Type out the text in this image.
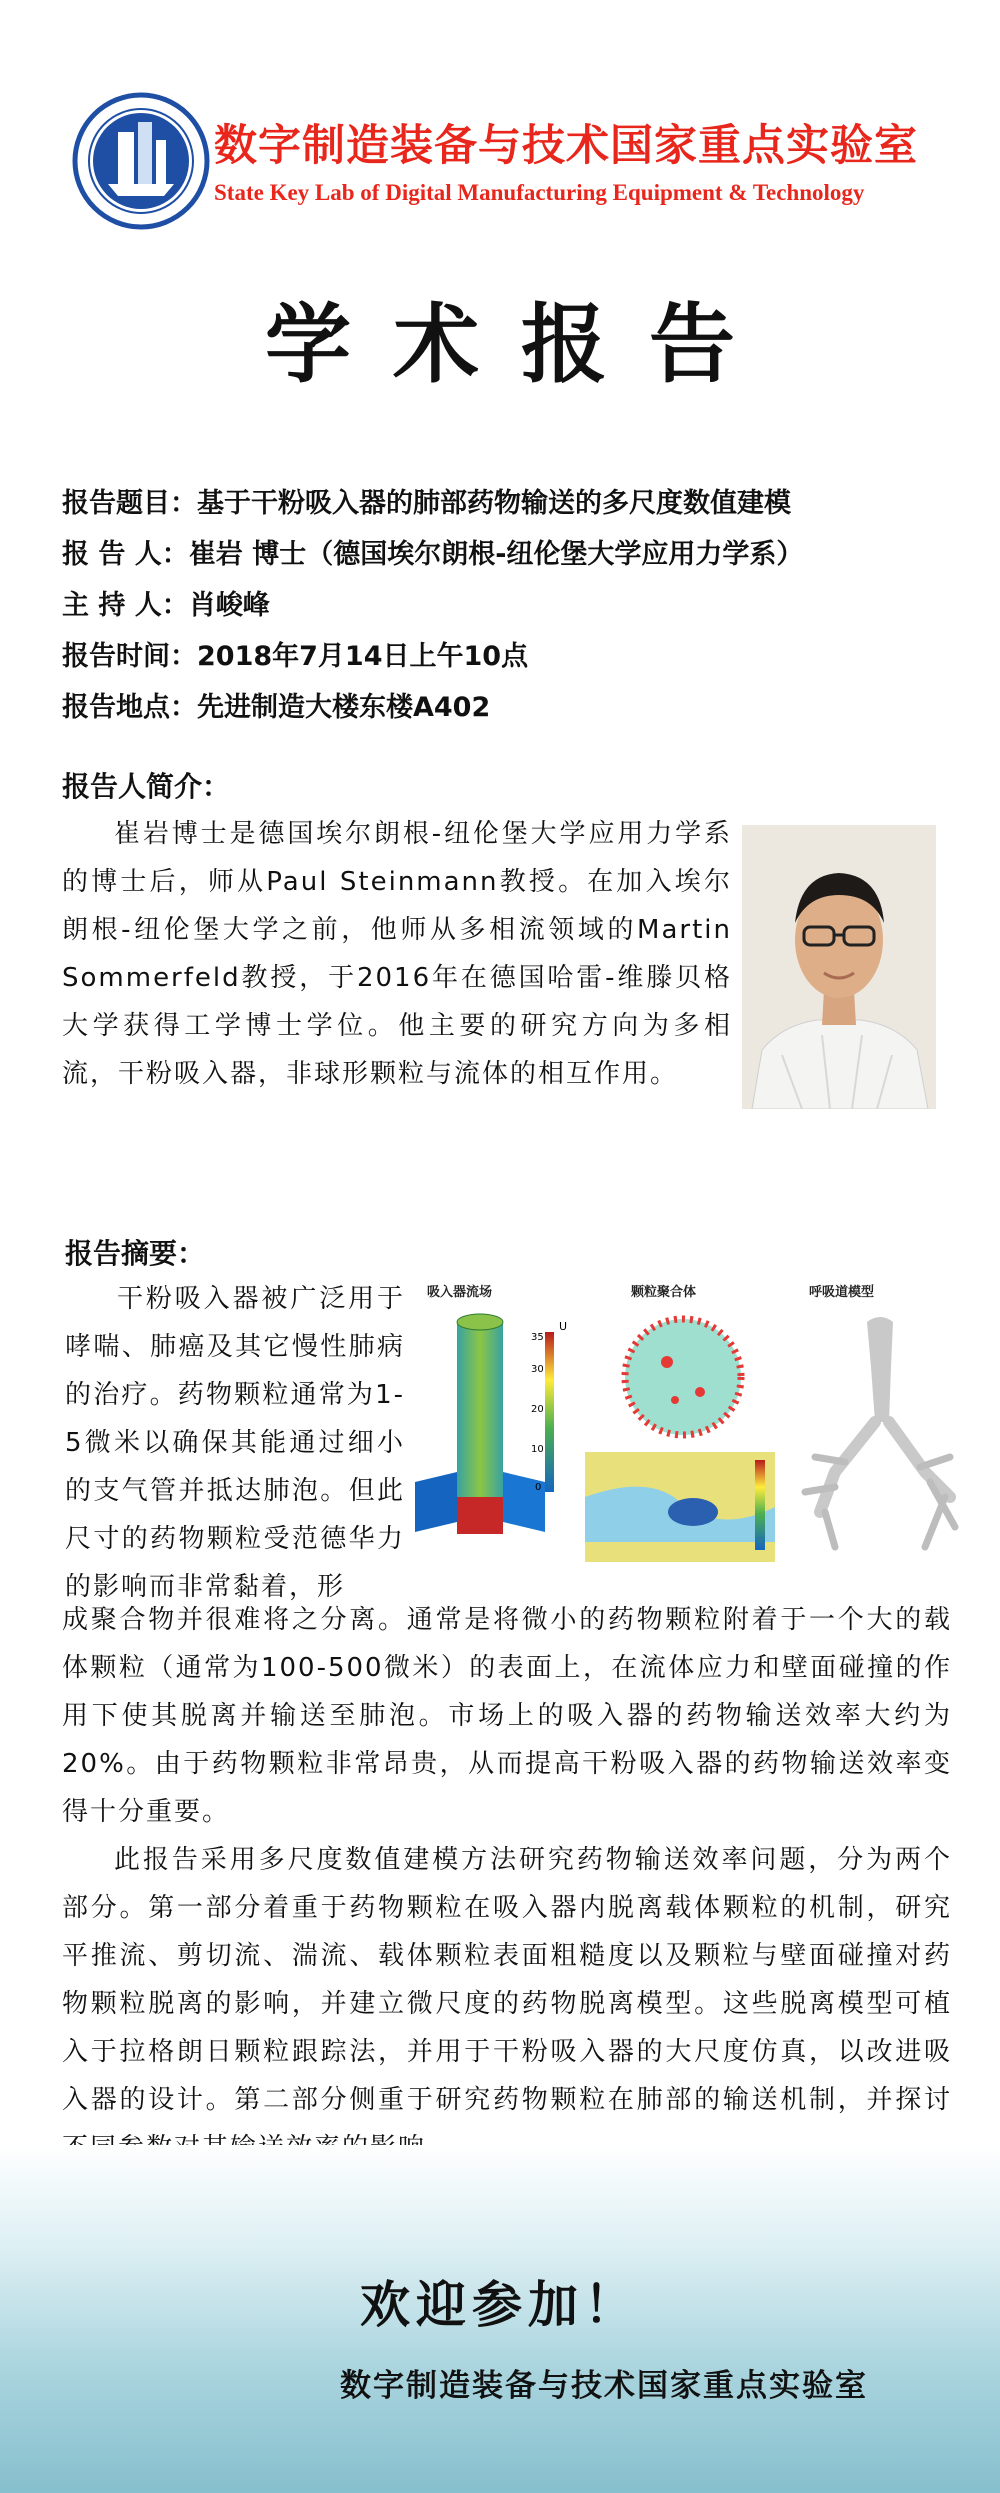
数字制造装备与技术国家重点实验室
State Key Lab of Digital Manufacturing Equipment & Technology
学术报告
报告题目： 基于干粉吸入器的肺部药物输送的多尺度数值建模
报 告 人： 崔岩 博士（德国埃尔朗根-纽伦堡大学应用力学系）
主 持 人： 肖峻峰
报告时间： 2018年7月14日上午10点
报告地点： 先进制造大楼东楼A402
报告人简介：
崔岩博士是德国埃尔朗根-纽伦堡大学应用力学系的博士后，师从Paul Steinmann教授。在加入埃尔朗根-纽伦堡大学之前，他师从多相流领域的Martin Sommerfeld教授，于2016年在德国哈雷-维滕贝格大学获得工学博士学位。他主要的研究方向为多相流，干粉吸入器，非球形颗粒与流体的相互作用。
报告摘要：
干粉吸入器被广泛用于哮喘、肺癌及其它慢性肺病的治疗。药物颗粒通常为1-5微米以确保其能通过细小的支气管并抵达肺泡。但此尺寸的药物颗粒受范德华力的影响而非常黏着，形
吸入器流场	颗粒聚合体	呼吸道模型
U
35
30
20
10
0

成聚合物并很难将之分离。通常是将微小的药物颗粒附着于一个大的载体颗粒（通常为100-500微米）的表面上，在流体应力和壁面碰撞的作用下使其脱离并输送至肺泡。市场上的吸入器的药物输送效率大约为20%。由于药物颗粒非常昂贵，从而提高干粉吸入器的药物输送效率变得十分重要。

此报告采用多尺度数值建模方法研究药物输送效率问题，分为两个部分。第一部分着重于药物颗粒在吸入器内脱离载体颗粒的机制，研究平推流、剪切流、湍流、载体颗粒表面粗糙度以及颗粒与壁面碰撞对药物颗粒脱离的影响，并建立微尺度的药物脱离模型。这些脱离模型可植入于拉格朗日颗粒跟踪法，并用于干粉吸入器的大尺度仿真，以改进吸入器的设计。第二部分侧重于研究药物颗粒在肺部的输送机制，并探讨

欢迎参加！
数字制造装备与技术国家重点实验室
